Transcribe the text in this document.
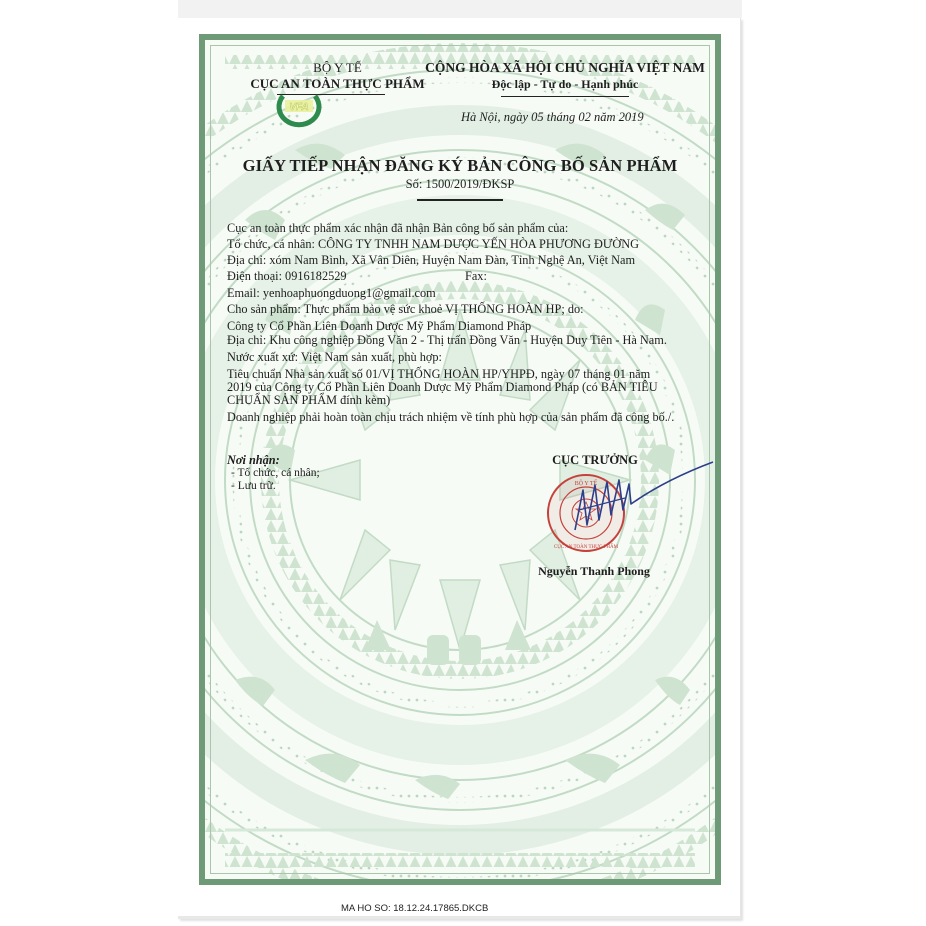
BỘ Y TẾ
CỤC AN TOÀN THỰC PHẨM
VFA
CỘNG HÒA XÃ HỘI CHỦ NGHĨA VIỆT NAM
Độc lập - Tự do - Hạnh phúc
Hà Nội, ngày 05 tháng 02 năm 2019
GIẤY TIẾP NHẬN ĐĂNG KÝ BẢN CÔNG BỐ SẢN PHẨM
Số: 1500/2019/ĐKSP
Cục an toàn thực phẩm xác nhận đã nhận Bản công bố sản phẩm của:
Tổ chức, cá nhân: CÔNG TY TNHH NAM DƯỢC YẾN HÒA PHƯƠNG ĐƯỜNG
Địa chỉ: xóm Nam Bình, Xã Vân Diên, Huyện Nam Đàn, Tỉnh Nghệ An, Việt Nam
Điện thoại: 0916182529	Fax:
Email: yenhoaphuongduong1@gmail.com
Cho sản phẩm: Thực phẩm bảo vệ sức khoẻ VỊ THỐNG HOÀN HP; do:
Công ty Cổ Phần Liên Doanh Dược Mỹ Phẩm Diamond Pháp
Địa chỉ: Khu công nghiệp Đồng Văn 2 - Thị trấn Đồng Văn - Huyện Duy Tiên - Hà Nam.
Nước xuất xứ: Việt Nam sản xuất, phù hợp:
Tiêu chuẩn Nhà sản xuất số 01/VỊ THỐNG HOÀN HP/YHPĐ, ngày 07 tháng 01 năm
2019 của Công ty Cổ Phần Liên Doanh Dược Mỹ Phẩm Diamond Pháp (có BẢN TIÊU
CHUẨN SẢN PHẨM đính kèm)
Doanh nghiệp phải hoàn toàn chịu trách nhiệm về tính phù hợp của sản phẩm đã công bố./.
Nơi nhận:
- Tổ chức, cá nhân;
- Lưu trữ.
CỤC TRƯỞNG
BỘ Y TẾ
CỤC AN TOÀN THỰC PHẨM
Nguyễn Thanh Phong
MA HO SO: 18.12.24.17865.DKCB
